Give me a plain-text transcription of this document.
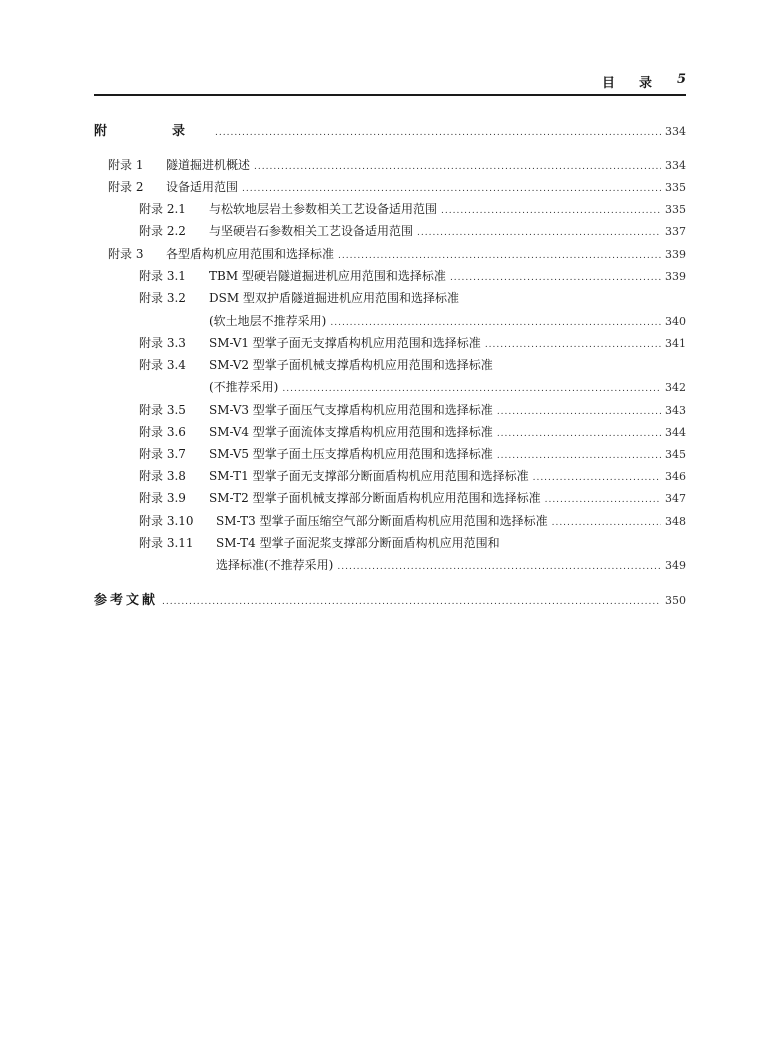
目 录 5
附　录 .....	334
附录 1	隧道掘进机概述 .....	334
附录 2	设备适用范围 .....	335
附录 2.1	与松软地层岩土参数相关工艺设备适用范围 .....	335
附录 2.2	与坚硬岩石参数相关工艺设备适用范围 .....	337
附录 3	各型盾构机应用范围和选择标准 .....	339
附录 3.1	TBM 型硬岩隧道掘进机应用范围和选择标准 .....	339
附录 3.2 DSM 型双护盾隧道掘进机应用范围和选择标准
(软土地层不推荐采用) .....	340
附录 3.3	SM-V1 型掌子面无支撑盾构机应用范围和选择标准 .....	341
附录 3.4 SM-V2 型掌子面机械支撑盾构机应用范围和选择标准
(不推荐采用) .....	342
附录 3.5	SM-V3 型掌子面压气支撑盾构机应用范围和选择标准 .....	343
附录 3.6	SM-V4 型掌子面流体支撑盾构机应用范围和选择标准 .....	344
附录 3.7	SM-V5 型掌子面土压支撑盾构机应用范围和选择标准 .....	345
附录 3.8	SM-T1 型掌子面无支撑部分断面盾构机应用范围和选择标准 .....	346
附录 3.9	SM-T2 型掌子面机械支撑部分断面盾构机应用范围和选择标准 .....	347
附录 3.10	SM-T3 型掌子面压缩空气部分断面盾构机应用范围和选择标准 .....	348
附录 3.11 SM-T4 型掌子面泥浆支撑部分断面盾构机应用范围和
选择标准(不推荐采用) .....	349
参考文献 .....	350
